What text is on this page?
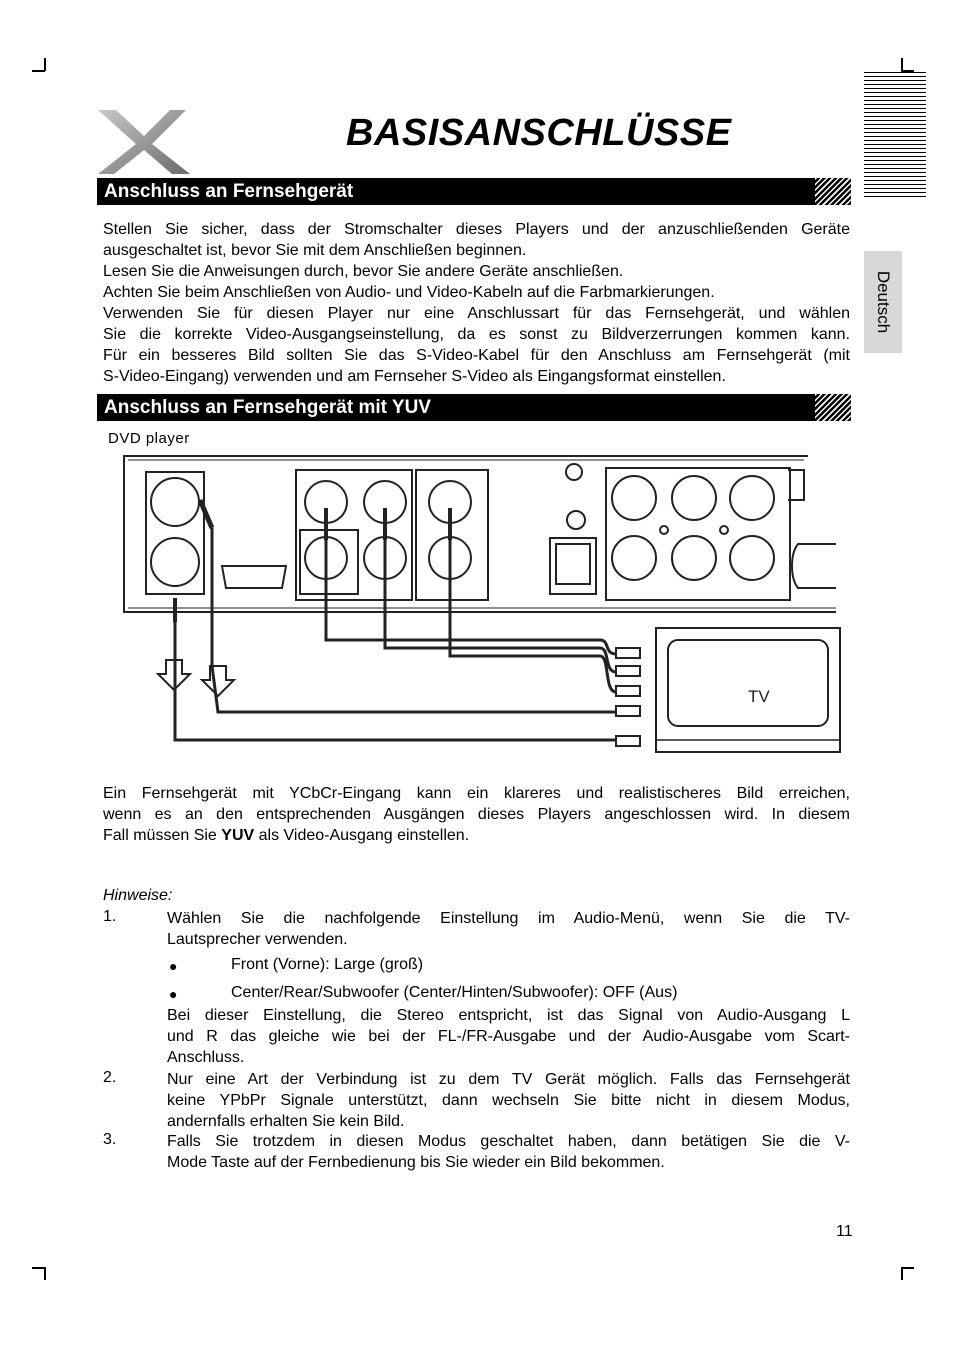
BASISANSCHLÜSSE
Deutsch
Anschluss an Fernsehgerät
Stellen Sie sicher, dass der Stromschalter dieses Players und der anzuschließenden Geräte
ausgeschaltet ist, bevor Sie mit dem Anschließen beginnen.
Lesen Sie die Anweisungen durch, bevor Sie andere Geräte anschließen.
Achten Sie beim Anschließen von Audio- und Video-Kabeln auf die Farbmarkierungen.
Verwenden Sie für diesen Player nur eine Anschlussart für das Fernsehgerät, und wählen
Sie die korrekte Video-Ausgangseinstellung, da es sonst zu Bildverzerrungen kommen kann.
Für ein besseres Bild sollten Sie das S-Video-Kabel für den Anschluss am Fernsehgerät (mit
S-Video-Eingang) verwenden und am Fernseher S-Video als Eingangsformat einstellen.
Anschluss an Fernsehgerät mit YUV
DVD player
TV
Ein Fernsehgerät mit YCbCr-Eingang kann ein klareres und realistischeres Bild erreichen,
wenn es an den entsprechenden Ausgängen dieses Players angeschlossen wird. In diesem
Fall müssen Sie YUV als Video-Ausgang einstellen.
Hinweise:
1.	Wählen Sie die nachfolgende Einstellung im Audio-Menü, wenn Sie die TV-
Lautsprecher verwenden.
●	Front (Vorne): Large (groß)
●	Center/Rear/Subwoofer (Center/Hinten/Subwoofer): OFF (Aus)
Bei dieser Einstellung, die Stereo entspricht, ist das Signal von Audio-Ausgang L
und R das gleiche wie bei der FL-/FR-Ausgabe und der Audio-Ausgabe vom Scart-
Anschluss.
2.	Nur eine Art der Verbindung ist zu dem TV Gerät möglich. Falls das Fernsehgerät
keine YPbPr Signale unterstützt, dann wechseln Sie bitte nicht in diesem Modus,
andernfalls erhalten Sie kein Bild.
3.	Falls Sie trotzdem in diesen Modus geschaltet haben, dann betätigen Sie die V-
Mode Taste auf der Fernbedienung bis Sie wieder ein Bild bekommen.
11
